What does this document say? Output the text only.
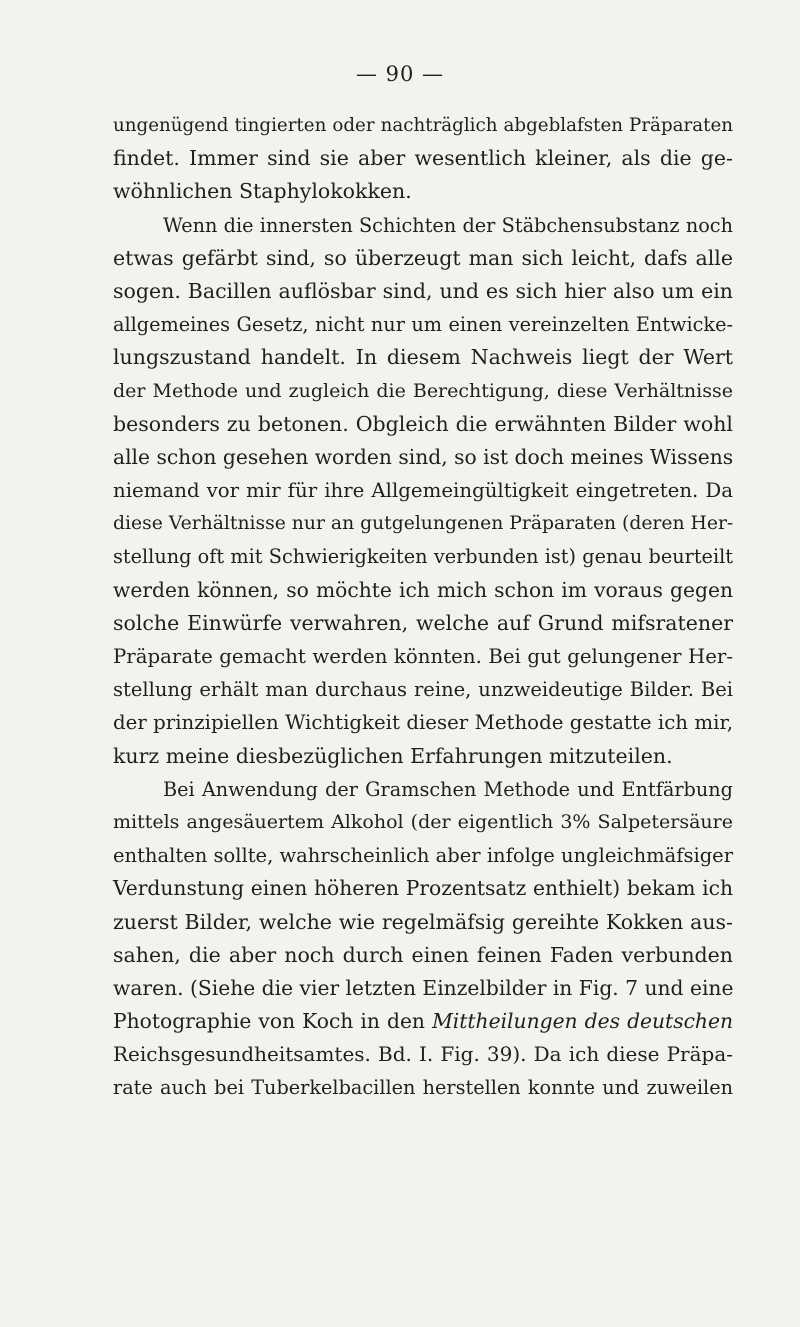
— 90 —
ungenügend tingierten oder nachträglich abgeblafsten Präparaten
findet. Immer sind sie aber wesentlich kleiner, als die ge-
wöhnlichen Staphylokokken.
Wenn die innersten Schichten der Stäbchensubstanz noch
etwas gefärbt sind, so überzeugt man sich leicht, dafs alle
sogen. Bacillen auflösbar sind, und es sich hier also um ein
allgemeines Gesetz, nicht nur um einen vereinzelten Entwicke-
lungszustand handelt. In diesem Nachweis liegt der Wert
der Methode und zugleich die Berechtigung, diese Verhältnisse
besonders zu betonen. Obgleich die erwähnten Bilder wohl
alle schon gesehen worden sind, so ist doch meines Wissens
niemand vor mir für ihre Allgemeingültigkeit eingetreten. Da
diese Verhältnisse nur an gutgelungenen Präparaten (deren Her-
stellung oft mit Schwierigkeiten verbunden ist) genau beurteilt
werden können, so möchte ich mich schon im voraus gegen
solche Einwürfe verwahren, welche auf Grund mifsratener
Präparate gemacht werden könnten. Bei gut gelungener Her-
stellung erhält man durchaus reine, unzweideutige Bilder. Bei
der prinzipiellen Wichtigkeit dieser Methode gestatte ich mir,
kurz meine diesbezüglichen Erfahrungen mitzuteilen.
Bei Anwendung der Gramschen Methode und Entfärbung
mittels angesäuertem Alkohol (der eigentlich 3% Salpetersäure
enthalten sollte, wahrscheinlich aber infolge ungleichmäfsiger
Verdunstung einen höheren Prozentsatz enthielt) bekam ich
zuerst Bilder, welche wie regelmäfsig gereihte Kokken aus-
sahen, die aber noch durch einen feinen Faden verbunden
waren. (Siehe die vier letzten Einzelbilder in Fig. 7 und eine
Photographie von Koch in den Mittheilungen des deutschen
Reichsgesundheitsamtes. Bd. I. Fig. 39). Da ich diese Präpa-
rate auch bei Tuberkelbacillen herstellen konnte und zuweilen
